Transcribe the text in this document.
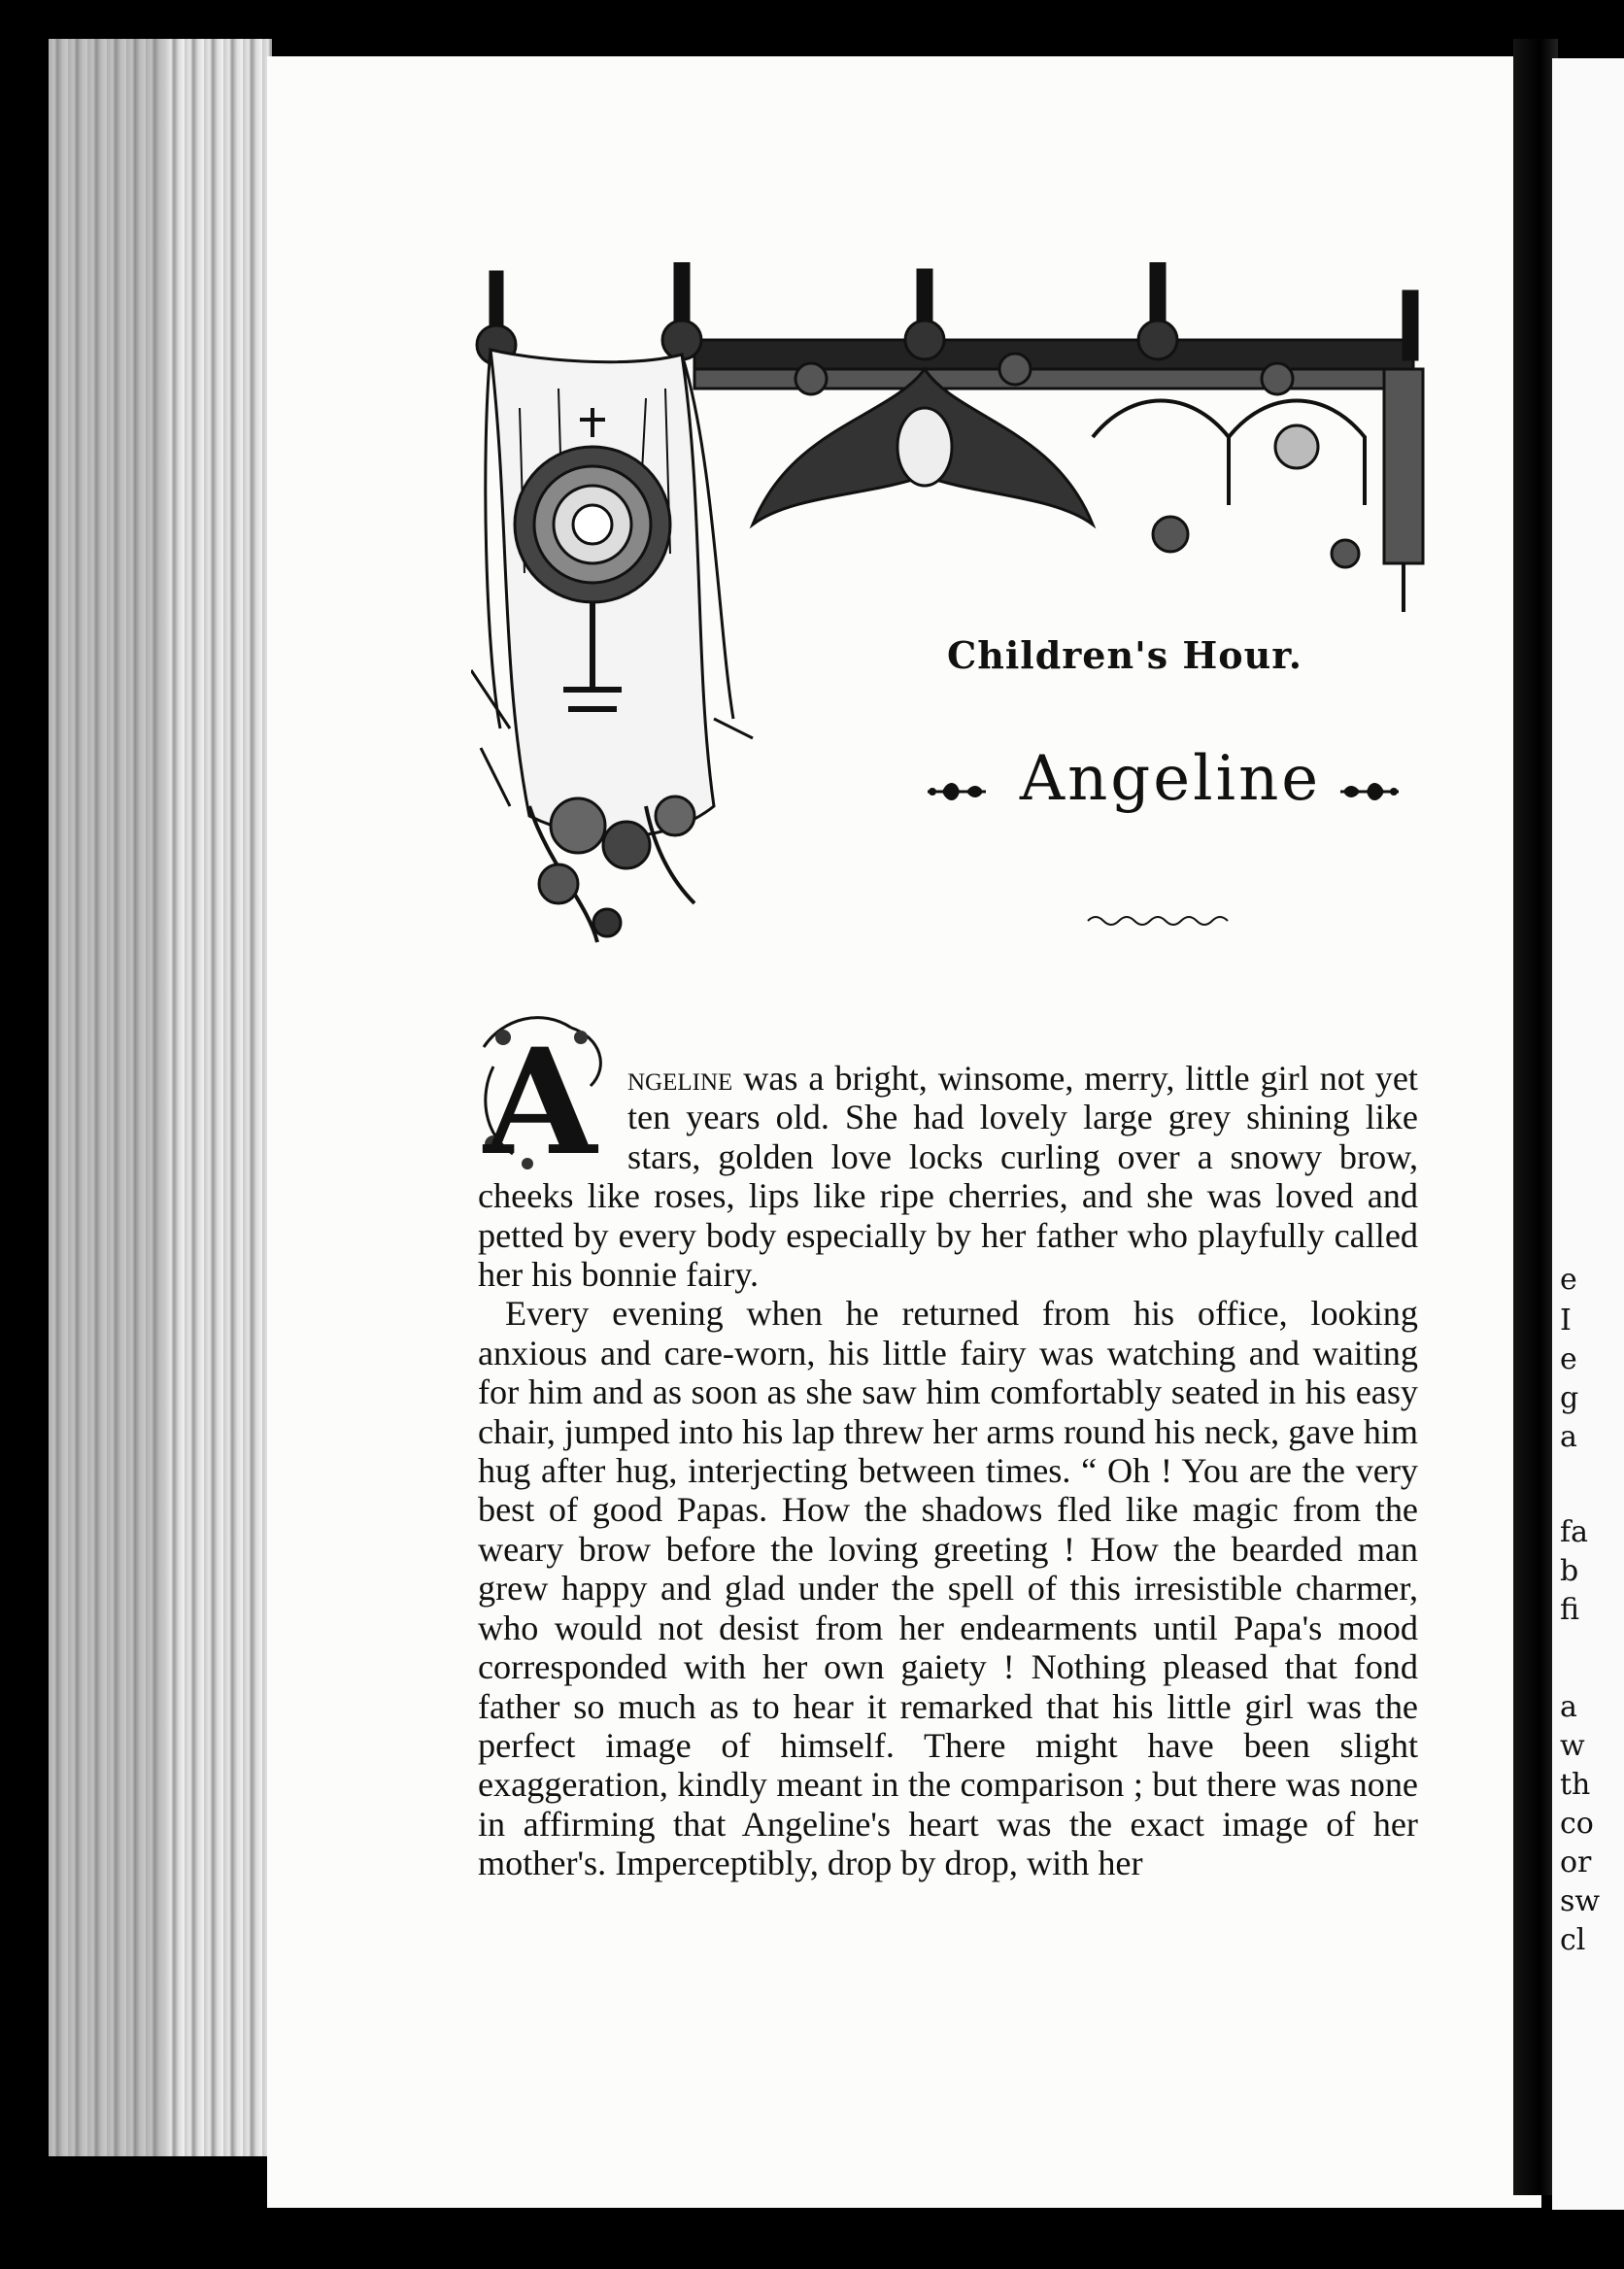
e
I
e
g
a
fa
b
fi
a
w
th
co
or
sw
cl
Children's Hour.
Angeline

A ngeline was a bright, winsome, merry, little girl not yet ten years old. She had lovely large grey shining like stars, golden love locks curling over a snowy brow, cheeks like roses, lips like ripe cherries, and she was loved and petted by every body especially by her father who playfully called her his bonnie fairy.

Every evening when he returned from his office, looking anxious and care-worn, his little fairy was watching and waiting for him and as soon as she saw him comfortably seated in his easy chair, jumped into his lap threw her arms round his neck, gave him hug after hug, interjecting between times. “ Oh ! You are the very best of good Papas. How the shadows fled like magic from the weary brow before the loving greeting ! How the bearded man grew happy and glad under the spell of this irresistible charmer, who would not desist from her endearments until Papa's mood corresponded with her own gaiety ! Nothing pleased that fond father so much as to hear it remarked that his little girl was the perfect image of himself. There might have been slight exaggeration, kindly meant in the comparison ; but there was none in affirming that Angeline's heart was the exact image of her mother's. Imperceptibly, drop by drop, with her
